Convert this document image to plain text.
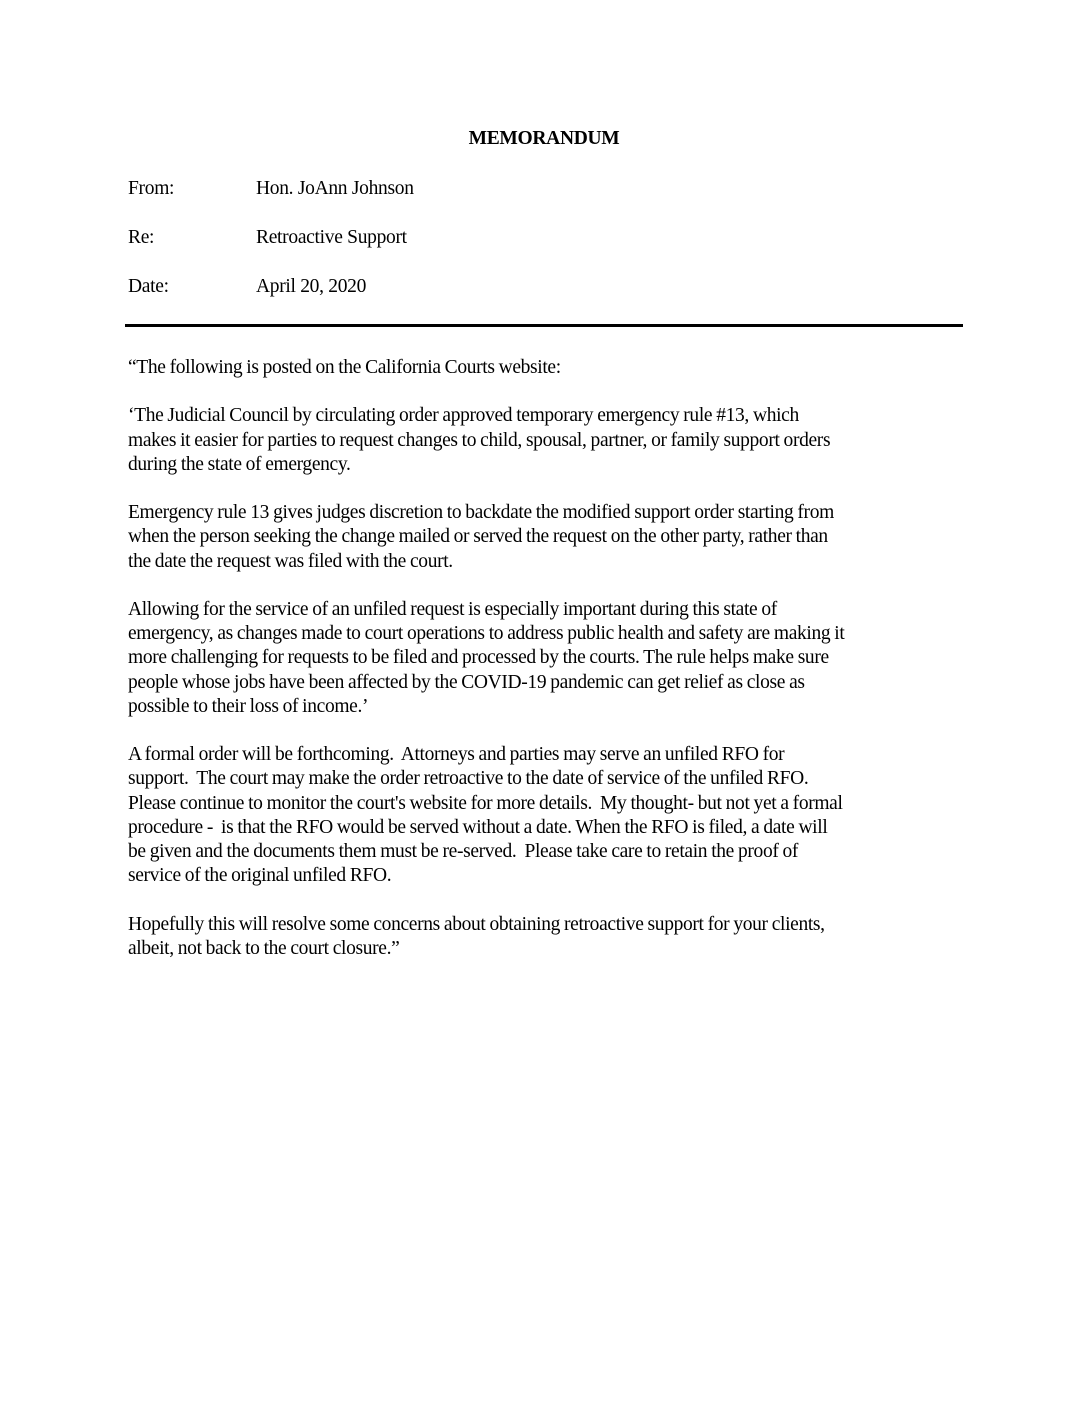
MEMORANDUM
From:	Hon. JoAnn Johnson
Re:	Retroactive Support
Date:	April 20, 2020

“The following is posted on the California Courts website:

‘The Judicial Council by circulating order approved temporary emergency rule #13, which
makes it easier for parties to request changes to child, spousal, partner, or family support orders
during the state of emergency.

Emergency rule 13 gives judges discretion to backdate the modified support order starting from
when the person seeking the change mailed or served the request on the other party, rather than
the date the request was filed with the court.

Allowing for the service of an unfiled request is especially important during this state of
emergency, as changes made to court operations to address public health and safety are making it
more challenging for requests to be filed and processed by the courts. The rule helps make sure
people whose jobs have been affected by the COVID-19 pandemic can get relief as close as
possible to their loss of income.’

A formal order will be forthcoming.  Attorneys and parties may serve an unfiled RFO for
support.  The court may make the order retroactive to the date of service of the unfiled RFO.
Please continue to monitor the court's website for more details.  My thought- but not yet a formal
procedure -  is that the RFO would be served without a date. When the RFO is filed, a date will
be given and the documents them must be re-served.  Please take care to retain the proof of
service of the original unfiled RFO.

Hopefully this will resolve some concerns about obtaining retroactive support for your clients,
albeit, not back to the court closure.”
